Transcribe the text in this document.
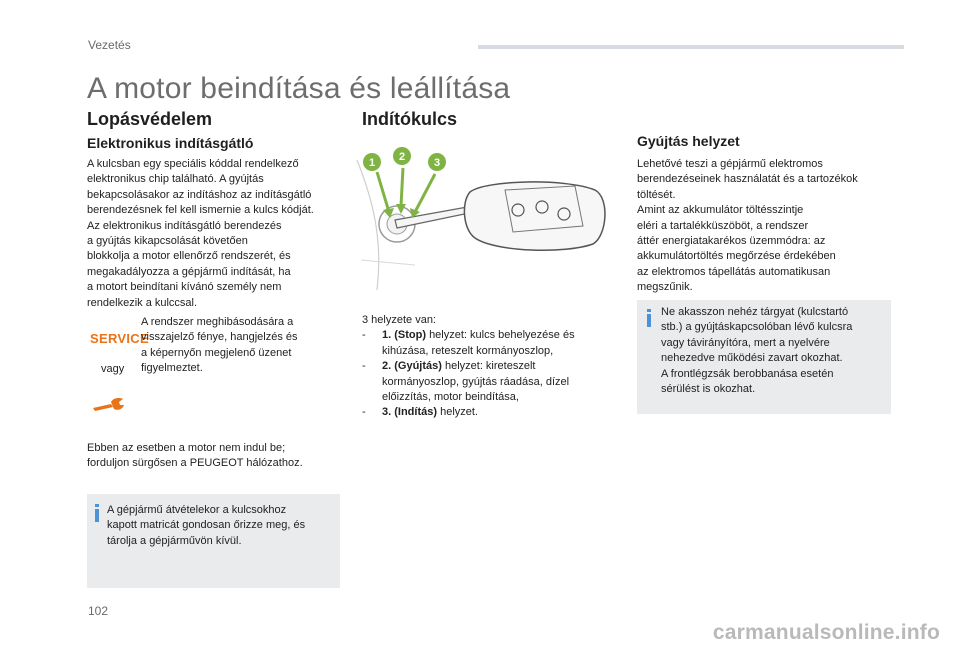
Vezetés
A motor beindítása és leállítása
Lopásvédelem
Elektronikus indításgátló
A kulcsban egy speciális kóddal rendelkező
elektronikus chip található. A gyújtás
bekapcsolásakor az indításhoz az indításgátló
berendezésnek fel kell ismernie a kulcs kódját.
Az elektronikus indításgátló berendezés
a gyújtás kikapcsolását követően
blokkolja a motor ellenőrző rendszerét, és
megakadályozza a gépjármű indítását, ha
a motort beindítani kívánó személy nem
rendelkezik a kulccsal.
SERVICE
vagy
A rendszer meghibásodására a
visszajelző fénye, hangjelzés és
a képernyőn megjelenő üzenet
figyelmeztet.
Ebben az esetben a motor nem indul be;
forduljon sürgősen a PEUGEOT hálózathoz.
A gépjármű átvételekor a kulcsokhoz
kapott matricát gondosan őrizze meg, és
tárolja a gépjárművön kívül.
Indítókulcs
1 2	3
3 helyzete van:
- 1. (Stop) helyzet: kulcs behelyezése és
kihúzása, reteszelt kormányoszlop,
- 2. (Gyújtás) helyzet: kireteszelt
kormányoszlop, gyújtás ráadása, dízel
előizzítás, motor beindítása,
- 3. (Indítás) helyzet.
Gyújtás helyzet
Lehetővé teszi a gépjármű elektromos
berendezéseinek használatát és a tartozékok
töltését.
Amint az akkumulátor töltésszintje
eléri a tartalékküszöböt, a rendszer
áttér energiatakarékos üzemmódra: az
akkumulátortöltés megőrzése érdekében
az elektromos tápellátás automatikusan
megszűnik.
Ne akasszon nehéz tárgyat (kulcstartó
stb.) a gyújtáskapcsolóban lévő kulcsra
vagy távirányítóra, mert a nyelvére
nehezedve működési zavart okozhat.
A frontlégzsák berobbanása esetén
sérülést is okozhat.
102
carmanualsonline.info
